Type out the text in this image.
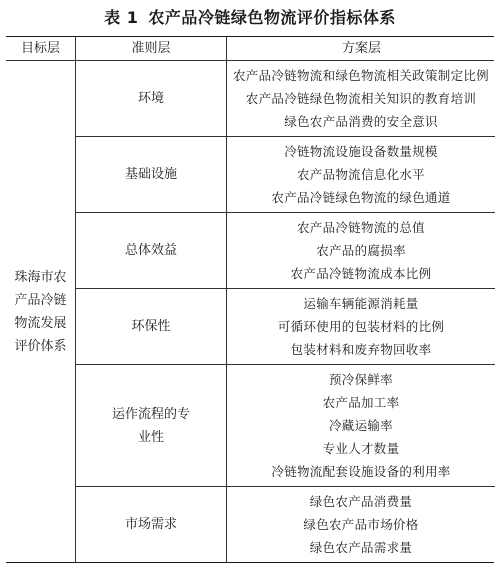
表 1 农产品冷链绿色物流评价指标体系
目标层	准则层	方案层
珠海市农产品冷链物流发展评价体系
环境
农产品冷链物流和绿色物流相关政策制定比例
农产品冷链绿色物流相关知识的教育培训
绿色农产品消费的安全意识
基础设施
冷链物流设施设备数量规模
农产品物流信息化水平
农产品冷链绿色物流的绿色通道
总体效益
农产品冷链物流的总值
农产品的腐损率
农产品冷链物流成本比例
环保性
运输车辆能源消耗量
可循环使用的包装材料的比例
包装材料和废弃物回收率
运作流程的专业性
预冷保鲜率
农产品加工率
冷藏运输率
专业人才数量
冷链物流配套设施设备的利用率
市场需求
绿色农产品消费量
绿色农产品市场价格
绿色农产品需求量
